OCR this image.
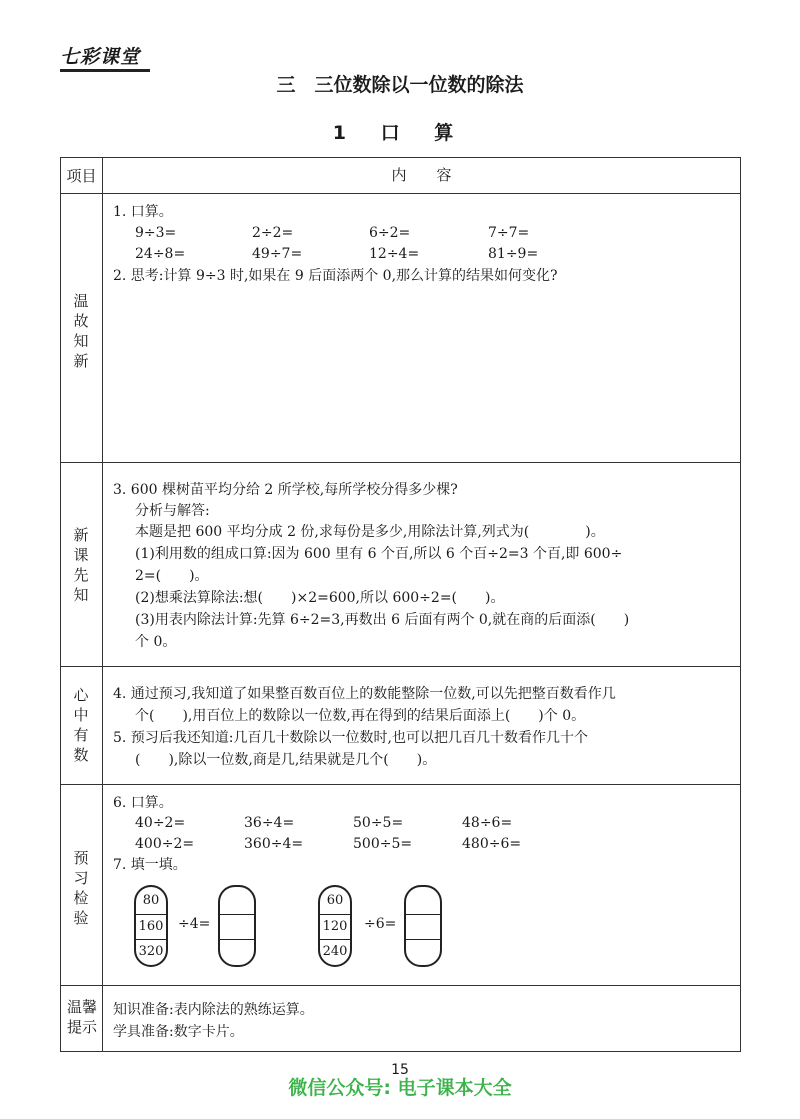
七彩课堂
三　三位数除以一位数的除法
1 口 算
项目	内　　容
温故知新
1. 口算。
9÷3=	2÷2=	6÷2=	7÷7=
24÷8=	49÷7=	12÷4=	81÷9=
2. 思考:计算 9÷3 时,如果在 9 后面添两个 0,那么计算的结果如何变化?
新课先知
3. 600 棵树苗平均分给 2 所学校,每所学校分得多少棵?
分析与解答:
本题是把 600 平均分成 2 份,求每份是多少,用除法计算,列式为(　　　　)。
(1)利用数的组成口算:因为 600 里有 6 个百,所以 6 个百÷2=3 个百,即 600÷
2=(　　)。
(2)想乘法算除法:想(　　)×2=600,所以 600÷2=(　　)。
(3)用表内除法计算:先算 6÷2=3,再数出 6 后面有两个 0,就在商的后面添(　　)
个 0。
心中有数
4. 通过预习,我知道了如果整百数百位上的数能整除一位数,可以先把整百数看作几
个(　　),用百位上的数除以一位数,再在得到的结果后面添上(　　)个 0。
5. 预习后我还知道:几百几十数除以一位数时,也可以把几百几十数看作几十个
(　　),除以一位数,商是几,结果就是几个(　　)。
预习检验
6. 口算。
40÷2=	36÷4=	50÷5=	48÷6=
400÷2=	360÷4=	500÷5=	480÷6=
7. 填一填。
80
160
320
÷4=
60
120
240
÷6=
温馨提示
知识准备:表内除法的熟练运算。
学具准备:数字卡片。
15
微信公众号: 电子课本大全
